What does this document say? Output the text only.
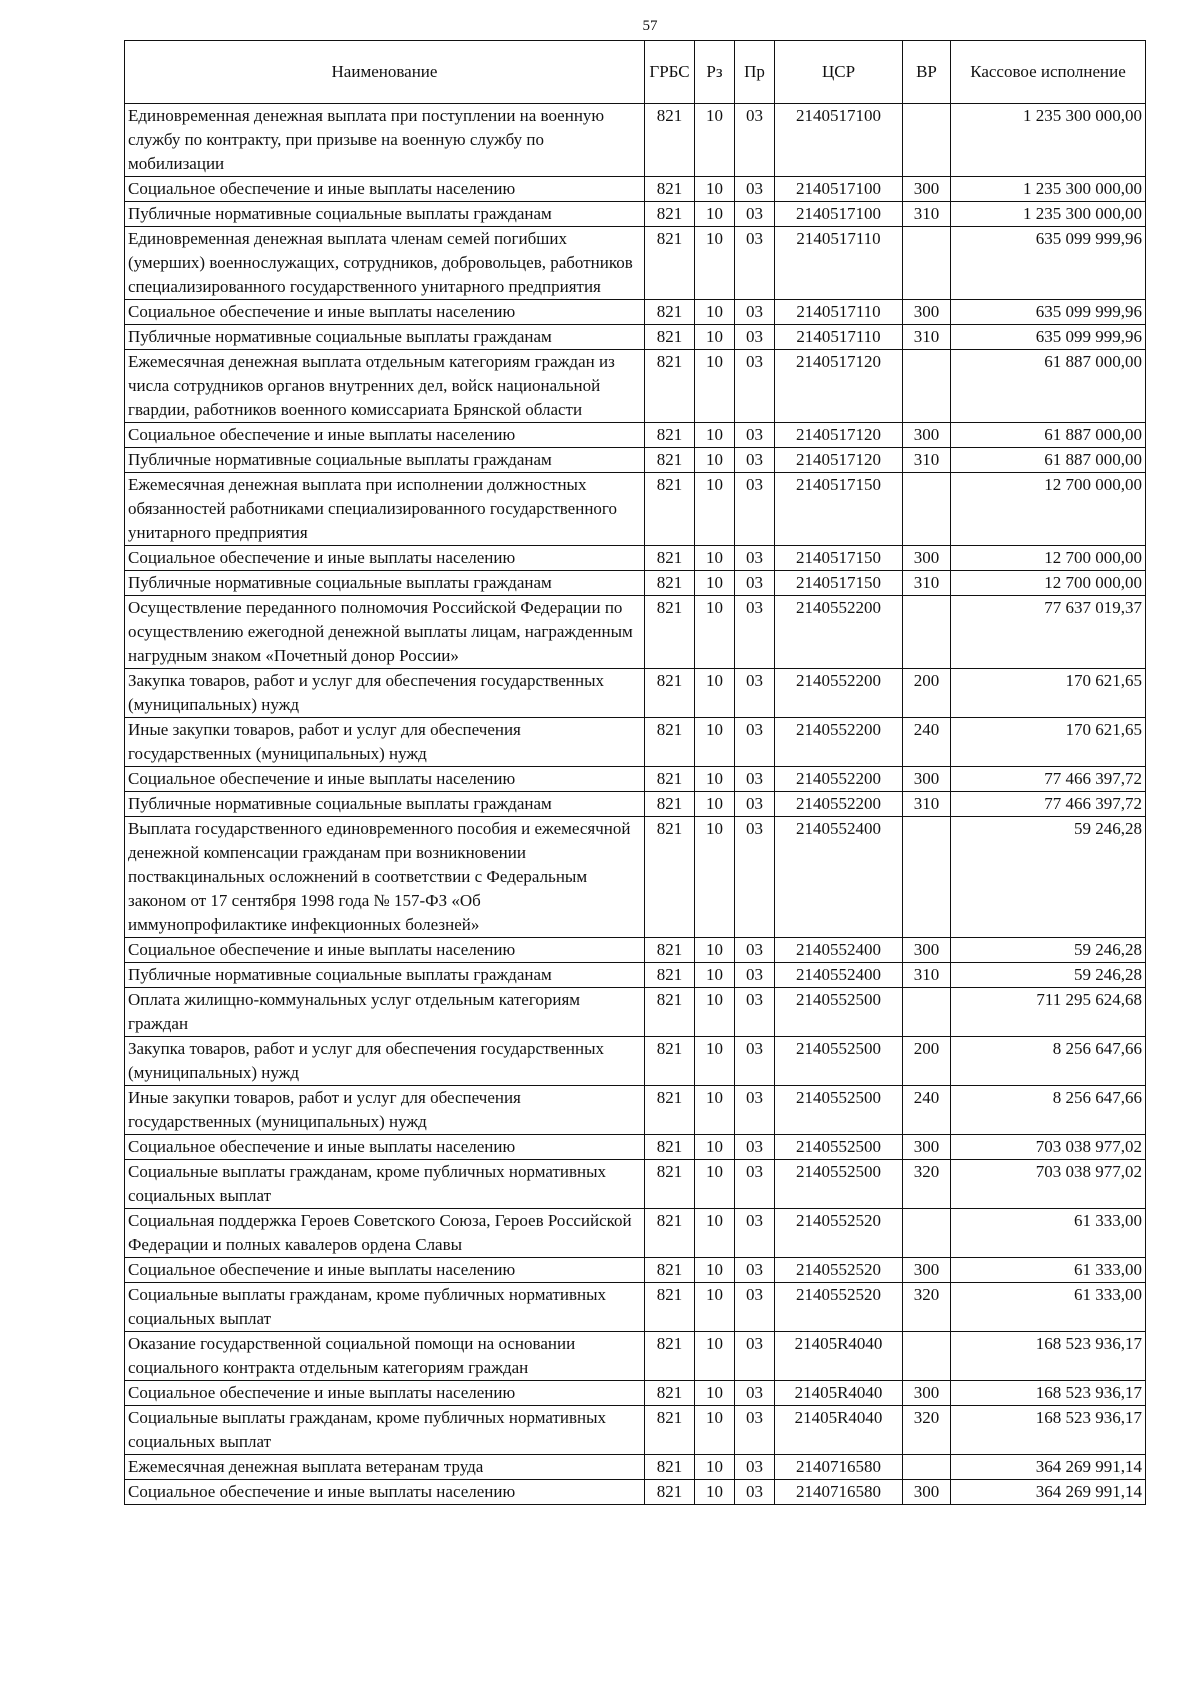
57
Наименование	ГРБС	Рз	Пр	ЦСР	ВР	Кассовое исполнение
Единовременная денежная выплата при поступлении на военную службу по контракту, при призыве на военную службу по мобилизации	821	10	03	2140517100		1 235 300 000,00
Социальное обеспечение и иные выплаты населению	821	10	03	2140517100	300	1 235 300 000,00
Публичные нормативные социальные выплаты гражданам	821	10	03	2140517100	310	1 235 300 000,00
Единовременная денежная выплата членам семей погибших (умерших) военнослужащих, сотрудников, добровольцев, работников специализированного государственного унитарного предприятия	821	10	03	2140517110		635 099 999,96
Социальное обеспечение и иные выплаты населению	821	10	03	2140517110	300	635 099 999,96
Публичные нормативные социальные выплаты гражданам	821	10	03	2140517110	310	635 099 999,96
Ежемесячная денежная выплата отдельным категориям граждан из числа сотрудников органов внутренних дел, войск национальной гвардии, работников военного комиссариата Брянской области	821	10	03	2140517120		61 887 000,00
Социальное обеспечение и иные выплаты населению	821	10	03	2140517120	300	61 887 000,00
Публичные нормативные социальные выплаты гражданам	821	10	03	2140517120	310	61 887 000,00
Ежемесячная денежная выплата при исполнении должностных обязанностей работниками специализированного государственного унитарного предприятия	821	10	03	2140517150		12 700 000,00
Социальное обеспечение и иные выплаты населению	821	10	03	2140517150	300	12 700 000,00
Публичные нормативные социальные выплаты гражданам	821	10	03	2140517150	310	12 700 000,00
Осуществление переданного полномочия Российской Федерации по осуществлению ежегодной денежной выплаты лицам, награжденным нагрудным знаком «Почетный донор России»	821	10	03	2140552200		77 637 019,37
Закупка товаров, работ и услуг для обеспечения государственных (муниципальных) нужд	821	10	03	2140552200	200	170 621,65
Иные закупки товаров, работ и услуг для обеспечения государственных (муниципальных) нужд	821	10	03	2140552200	240	170 621,65
Социальное обеспечение и иные выплаты населению	821	10	03	2140552200	300	77 466 397,72
Публичные нормативные социальные выплаты гражданам	821	10	03	2140552200	310	77 466 397,72
Выплата государственного единовременного пособия и ежемесячной денежной компенсации гражданам при возникновении поствакцинальных осложнений в соответствии с Федеральным законом от 17 сентября 1998 года № 157-ФЗ «Об иммунопрофилактике инфекционных болезней»	821	10	03	2140552400		59 246,28
Социальное обеспечение и иные выплаты населению	821	10	03	2140552400	300	59 246,28
Публичные нормативные социальные выплаты гражданам	821	10	03	2140552400	310	59 246,28
Оплата жилищно-коммунальных услуг отдельным категориям граждан	821	10	03	2140552500		711 295 624,68
Закупка товаров, работ и услуг для обеспечения государственных (муниципальных) нужд	821	10	03	2140552500	200	8 256 647,66
Иные закупки товаров, работ и услуг для обеспечения государственных (муниципальных) нужд	821	10	03	2140552500	240	8 256 647,66
Социальное обеспечение и иные выплаты населению	821	10	03	2140552500	300	703 038 977,02
Социальные выплаты гражданам, кроме публичных нормативных социальных выплат	821	10	03	2140552500	320	703 038 977,02
Социальная поддержка Героев Советского Союза, Героев Российской Федерации и полных кавалеров ордена Славы	821	10	03	2140552520		61 333,00
Социальное обеспечение и иные выплаты населению	821	10	03	2140552520	300	61 333,00
Социальные выплаты гражданам, кроме публичных нормативных социальных выплат	821	10	03	2140552520	320	61 333,00
Оказание государственной социальной помощи на основании социального контракта отдельным категориям граждан	821	10	03	21405R4040		168 523 936,17
Социальное обеспечение и иные выплаты населению	821	10	03	21405R4040	300	168 523 936,17
Социальные выплаты гражданам, кроме публичных нормативных социальных выплат	821	10	03	21405R4040	320	168 523 936,17
Ежемесячная денежная выплата ветеранам труда	821	10	03	2140716580		364 269 991,14
Социальное обеспечение и иные выплаты населению	821	10	03	2140716580	300	364 269 991,14
